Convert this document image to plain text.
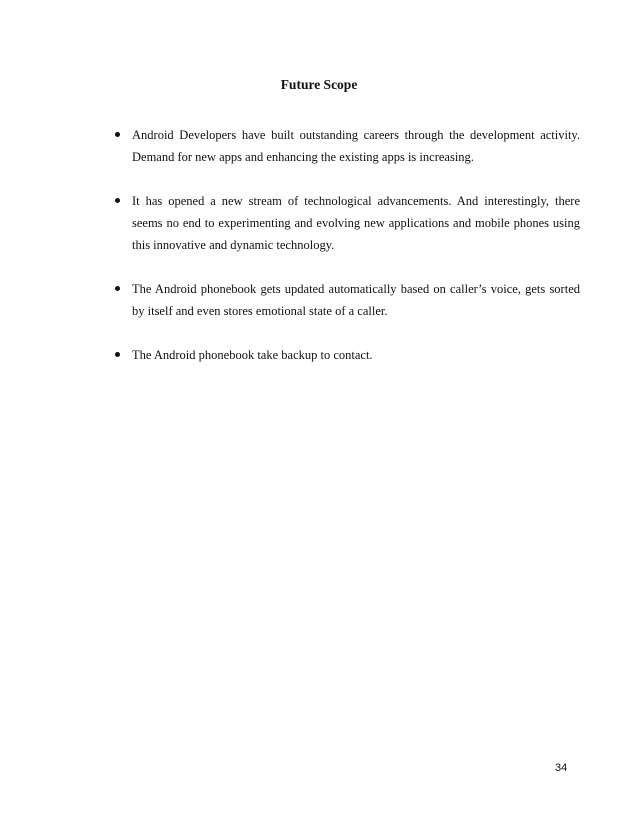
Future Scope
Android Developers have built outstanding careers through the development activity. Demand for new apps and enhancing the existing apps is increasing.
It has opened a new stream of technological advancements. And interestingly, there seems no end to experimenting and evolving new applications and mobile phones using this innovative and dynamic technology.
The Android phonebook gets updated automatically based on caller’s voice, gets sorted by itself and even stores emotional state of a caller.
The Android phonebook take backup to contact.
34
